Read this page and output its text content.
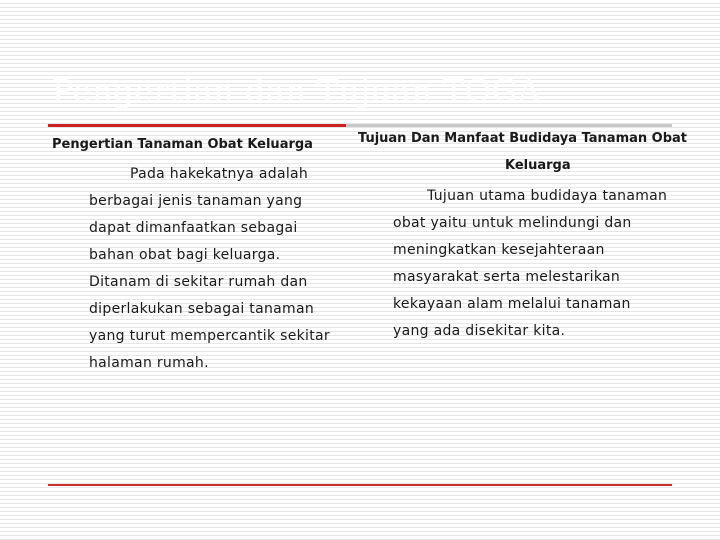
Pengertian dan Tujuan TOGA
Pengertian Tanaman Obat Keluarga
Pada hakekatnya adalah
berbagai jenis tanaman yang
dapat dimanfaatkan sebagai
bahan obat bagi keluarga.
Ditanam di sekitar rumah dan
diperlakukan sebagai tanaman
yang turut mempercantik sekitar
halaman rumah.
Tujuan Dan Manfaat Budidaya Tanaman Obat
Keluarga
Tujuan utama budidaya tanaman
obat yaitu untuk melindungi dan
meningkatkan kesejahteraan
masyarakat serta melestarikan
kekayaan alam melalui tanaman
yang ada disekitar kita.
